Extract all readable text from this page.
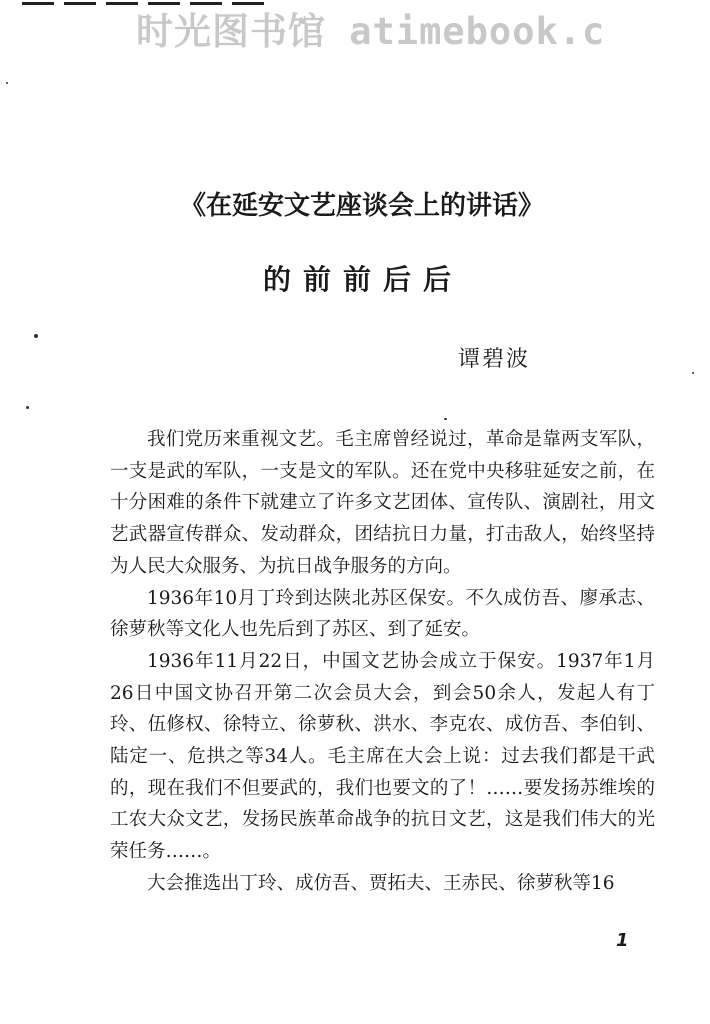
时光图书馆 atimebook.c
《在延安文艺座谈会上的讲话》
的前前后后
谭碧波

我们党历来重视文艺。毛主席曾经说过，革命是靠两支军队，一支是武的军队，一支是文的军队。还在党中央移驻延安之前，在十分困难的条件下就建立了许多文艺团体、宣传队、演剧社，用文艺武器宣传群众、发动群众，团结抗日力量，打击敌人，始终坚持为人民大众服务、为抗日战争服务的方向。

1936年10月丁玲到达陕北苏区保安。不久成仿吾、廖承志、徐萝秋等文化人也先后到了苏区、到了延安。

1936年11月22日，中国文艺协会成立于保安。1937年1月26日中国文协召开第二次会员大会，到会50余人，发起人有丁玲、伍修权、徐特立、徐萝秋、洪水、李克农、成仿吾、李伯钊、陆定一、危拱之等34人。毛主席在大会上说：过去我们都是干武的，现在我们不但要武的，我们也要文的了！……要发扬苏维埃的工农大众文艺，发扬民族革命战争的抗日文艺，这是我们伟大的光荣任务……。

大会推选出丁玲、成仿吾、贾拓夫、王赤民、徐萝秋等16

1
